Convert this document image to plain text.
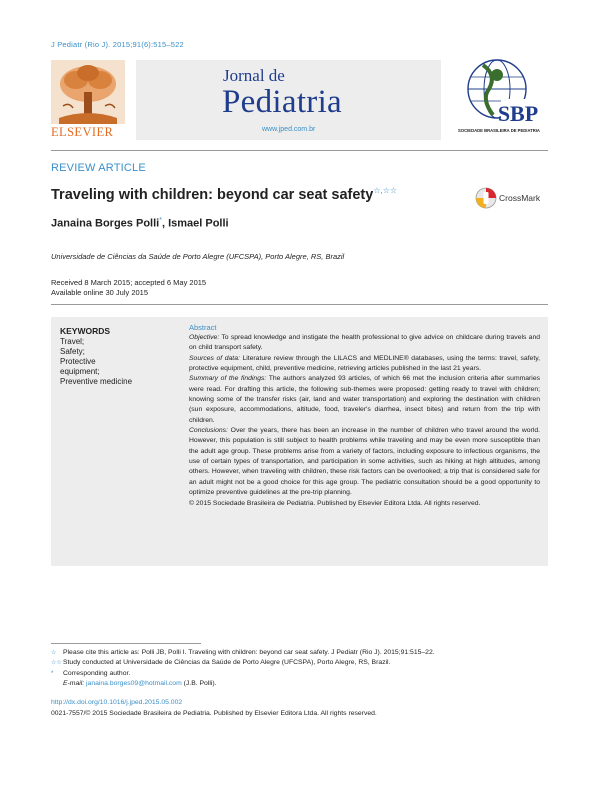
J Pediatr (Rio J). 2015;91(6):515–522
ELSEVIER
Jornal de
Pediatria
www.jped.com.br
SBP
SOCIEDADE BRASILEIRA DE PEDIATRIA
REVIEW ARTICLE
Traveling with children: beyond car seat safety☆,☆☆
CrossMark
Janaina Borges Polli*, Ismael Polli
Universidade de Ciências da Saúde de Porto Alegre (UFCSPA), Porto Alegre, RS, Brazil
Received 8 March 2015; accepted 6 May 2015
Available online 30 July 2015
KEYWORDS
Travel;
Safety;
Protective
equipment;
Preventive medicine
Abstract

Objective: To spread knowledge and instigate the health professional to give advice on childcare during travels and on child transport safety.

Sources of data: Literature review through the LILACS and MEDLINE® databases, using the terms: travel, safety, protective equipment, child, preventive medicine, retrieving articles published in the last 21 years.

Summary of the findings: The authors analyzed 93 articles, of which 66 met the inclusion criteria after summaries were read. For drafting this article, the following sub-themes were proposed: getting ready to travel with children; knowing some of the transfer risks (air, land and water transportation) and exploring the destination with children (sun exposure, accommodations, altitude, food, traveler's diarrhea, insect bites) and return from the trip with children.

Conclusions: Over the years, there has been an increase in the number of children who travel around the world. However, this population is still subject to health problems while traveling and may be even more susceptible than the adult age group. These problems arise from a variety of factors, including exposure to infectious organisms, the use of certain types of transportation, and participation in some activities, such as hiking at high altitudes, among others. However, when traveling with children, these risk factors can be overlooked; a trip that is considered safe for an adult might not be a good choice for this age group. The pediatric consultation should be a good opportunity to optimize preventive guidelines at the pre-trip planning.

© 2015 Sociedade Brasileira de Pediatria. Published by Elsevier Editora Ltda. All rights reserved.
☆ Please cite this article as: Polli JB, Polli I. Traveling with children: beyond car seat safety. J Pediatr (Rio J). 2015;91:515–22.
☆☆Study conducted at Universidade de Ciências da Saúde de Porto Alegre (UFCSPA), Porto Alegre, RS, Brazil.
* Corresponding author.
E-mail: janaina.borges09@hotmail.com (J.B. Polli).
http://dx.doi.org/10.1016/j.jped.2015.05.002
0021-7557/© 2015 Sociedade Brasileira de Pediatria. Published by Elsevier Editora Ltda. All rights reserved.
